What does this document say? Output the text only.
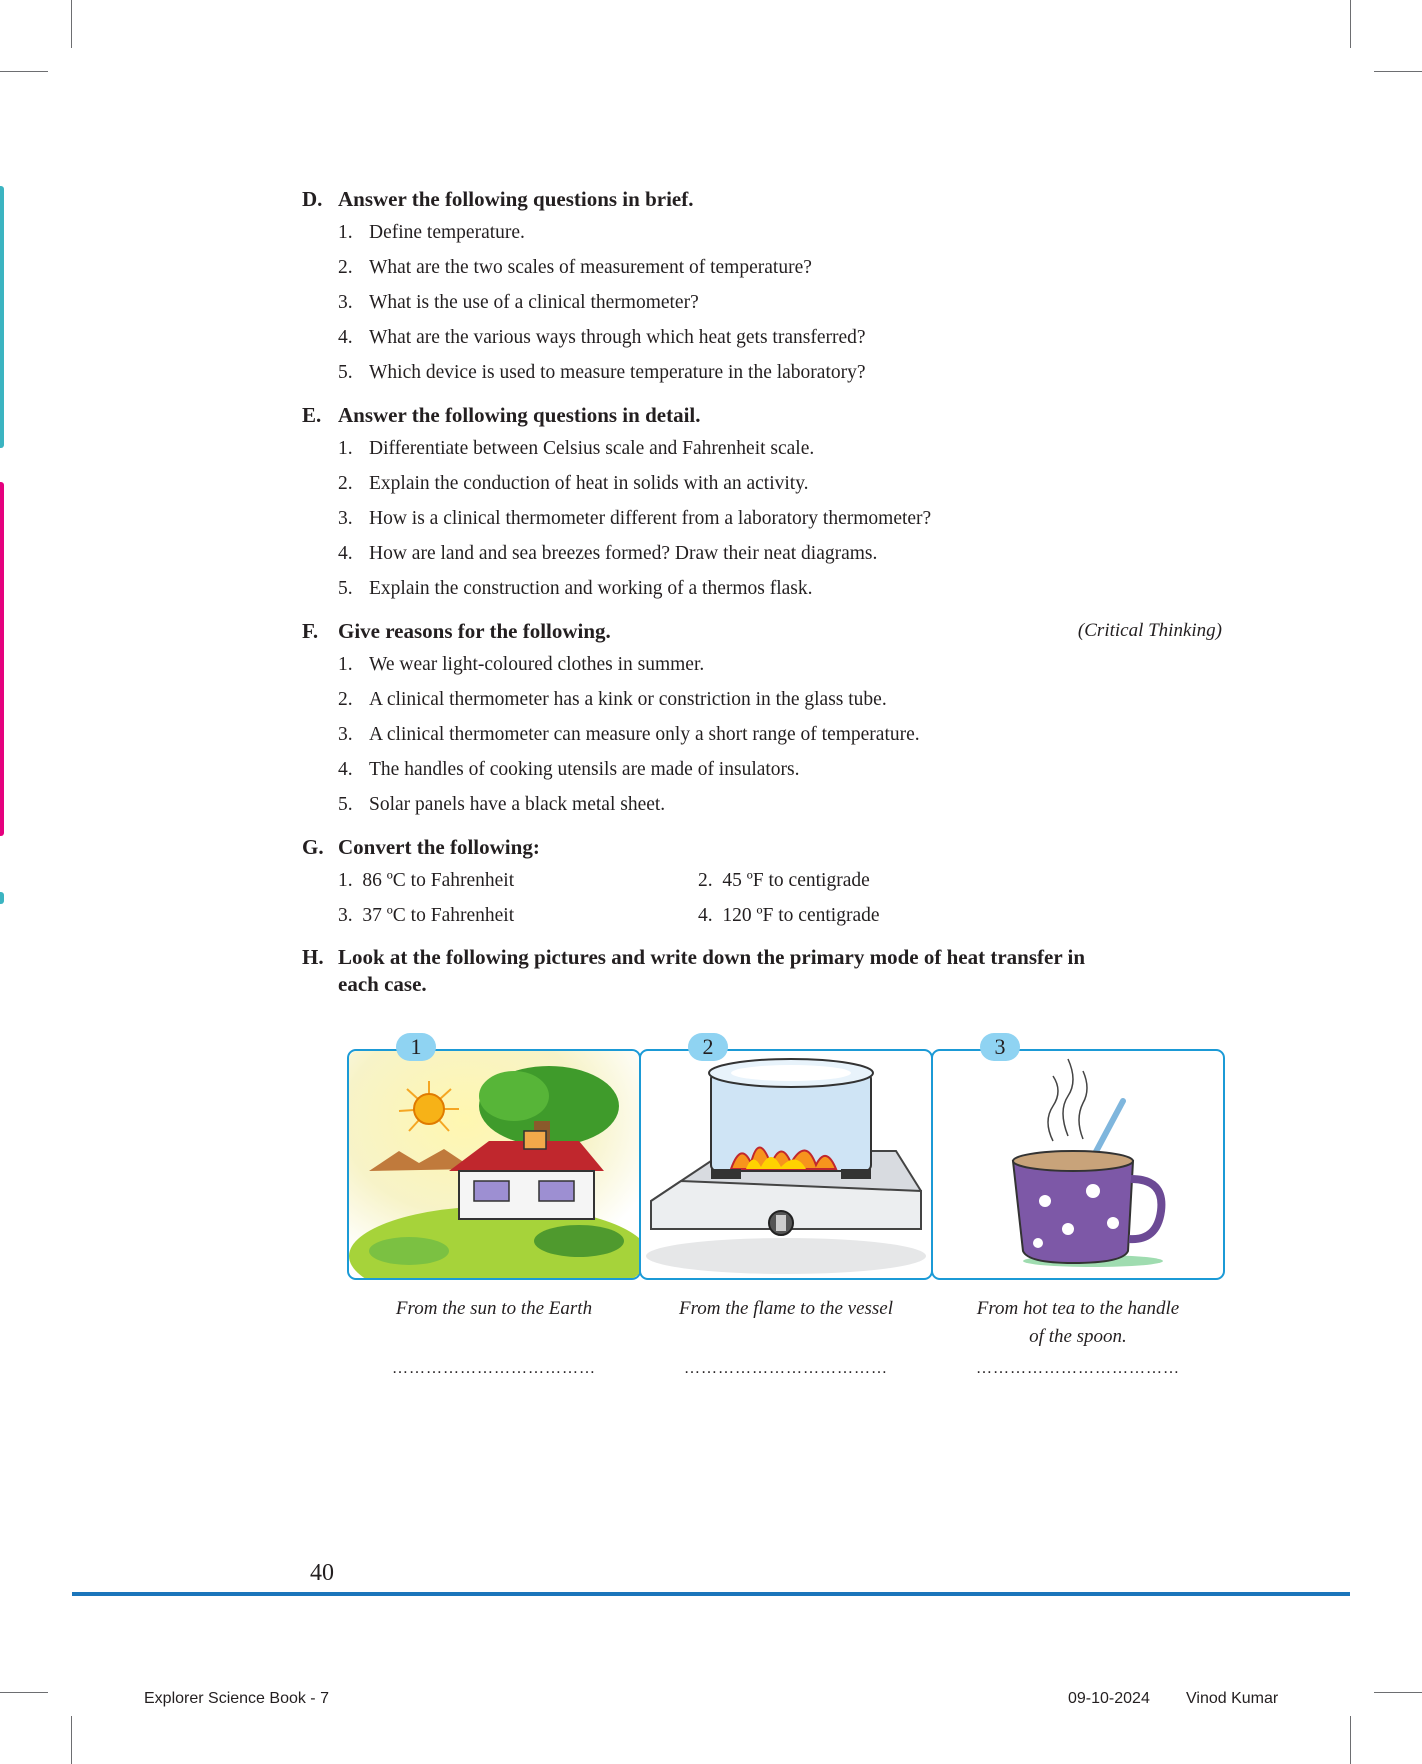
D. Answer the following questions in brief.
1. Define temperature.
2. What are the two scales of measurement of temperature?
3. What is the use of a clinical thermometer?
4. What are the various ways through which heat gets transferred?
5. Which device is used to measure temperature in the laboratory?
E. Answer the following questions in detail.
1. Differentiate between Celsius scale and Fahrenheit scale.
2. Explain the conduction of heat in solids with an activity.
3. How is a clinical thermometer different from a laboratory thermometer?
4. How are land and sea breezes formed? Draw their neat diagrams.
5. Explain the construction and working of a thermos flask.
F. Give reasons for the following.	(Critical Thinking)
1. We wear light-coloured clothes in summer.
2. A clinical thermometer has a kink or constriction in the glass tube.
3. A clinical thermometer can measure only a short range of temperature.
4. The handles of cooking utensils are made of insulators.
5. Solar panels have a black metal sheet.
G. Convert the following:
1. 86 ºC to Fahrenheit	2. 45 ºF to centigrade
3. 37 ºC to Fahrenheit	4. 120 ºF to centigrade
H. Look at the following pictures and write down the primary mode of heat transfer in
each case.
1	2	3
From the sun to the Earth	From the flame to the vessel	From hot tea to the handle
of the spoon.
………………………………	………………………………	………………………………
40
Explorer Science Book - 7	09-10-2024 Vinod Kumar
